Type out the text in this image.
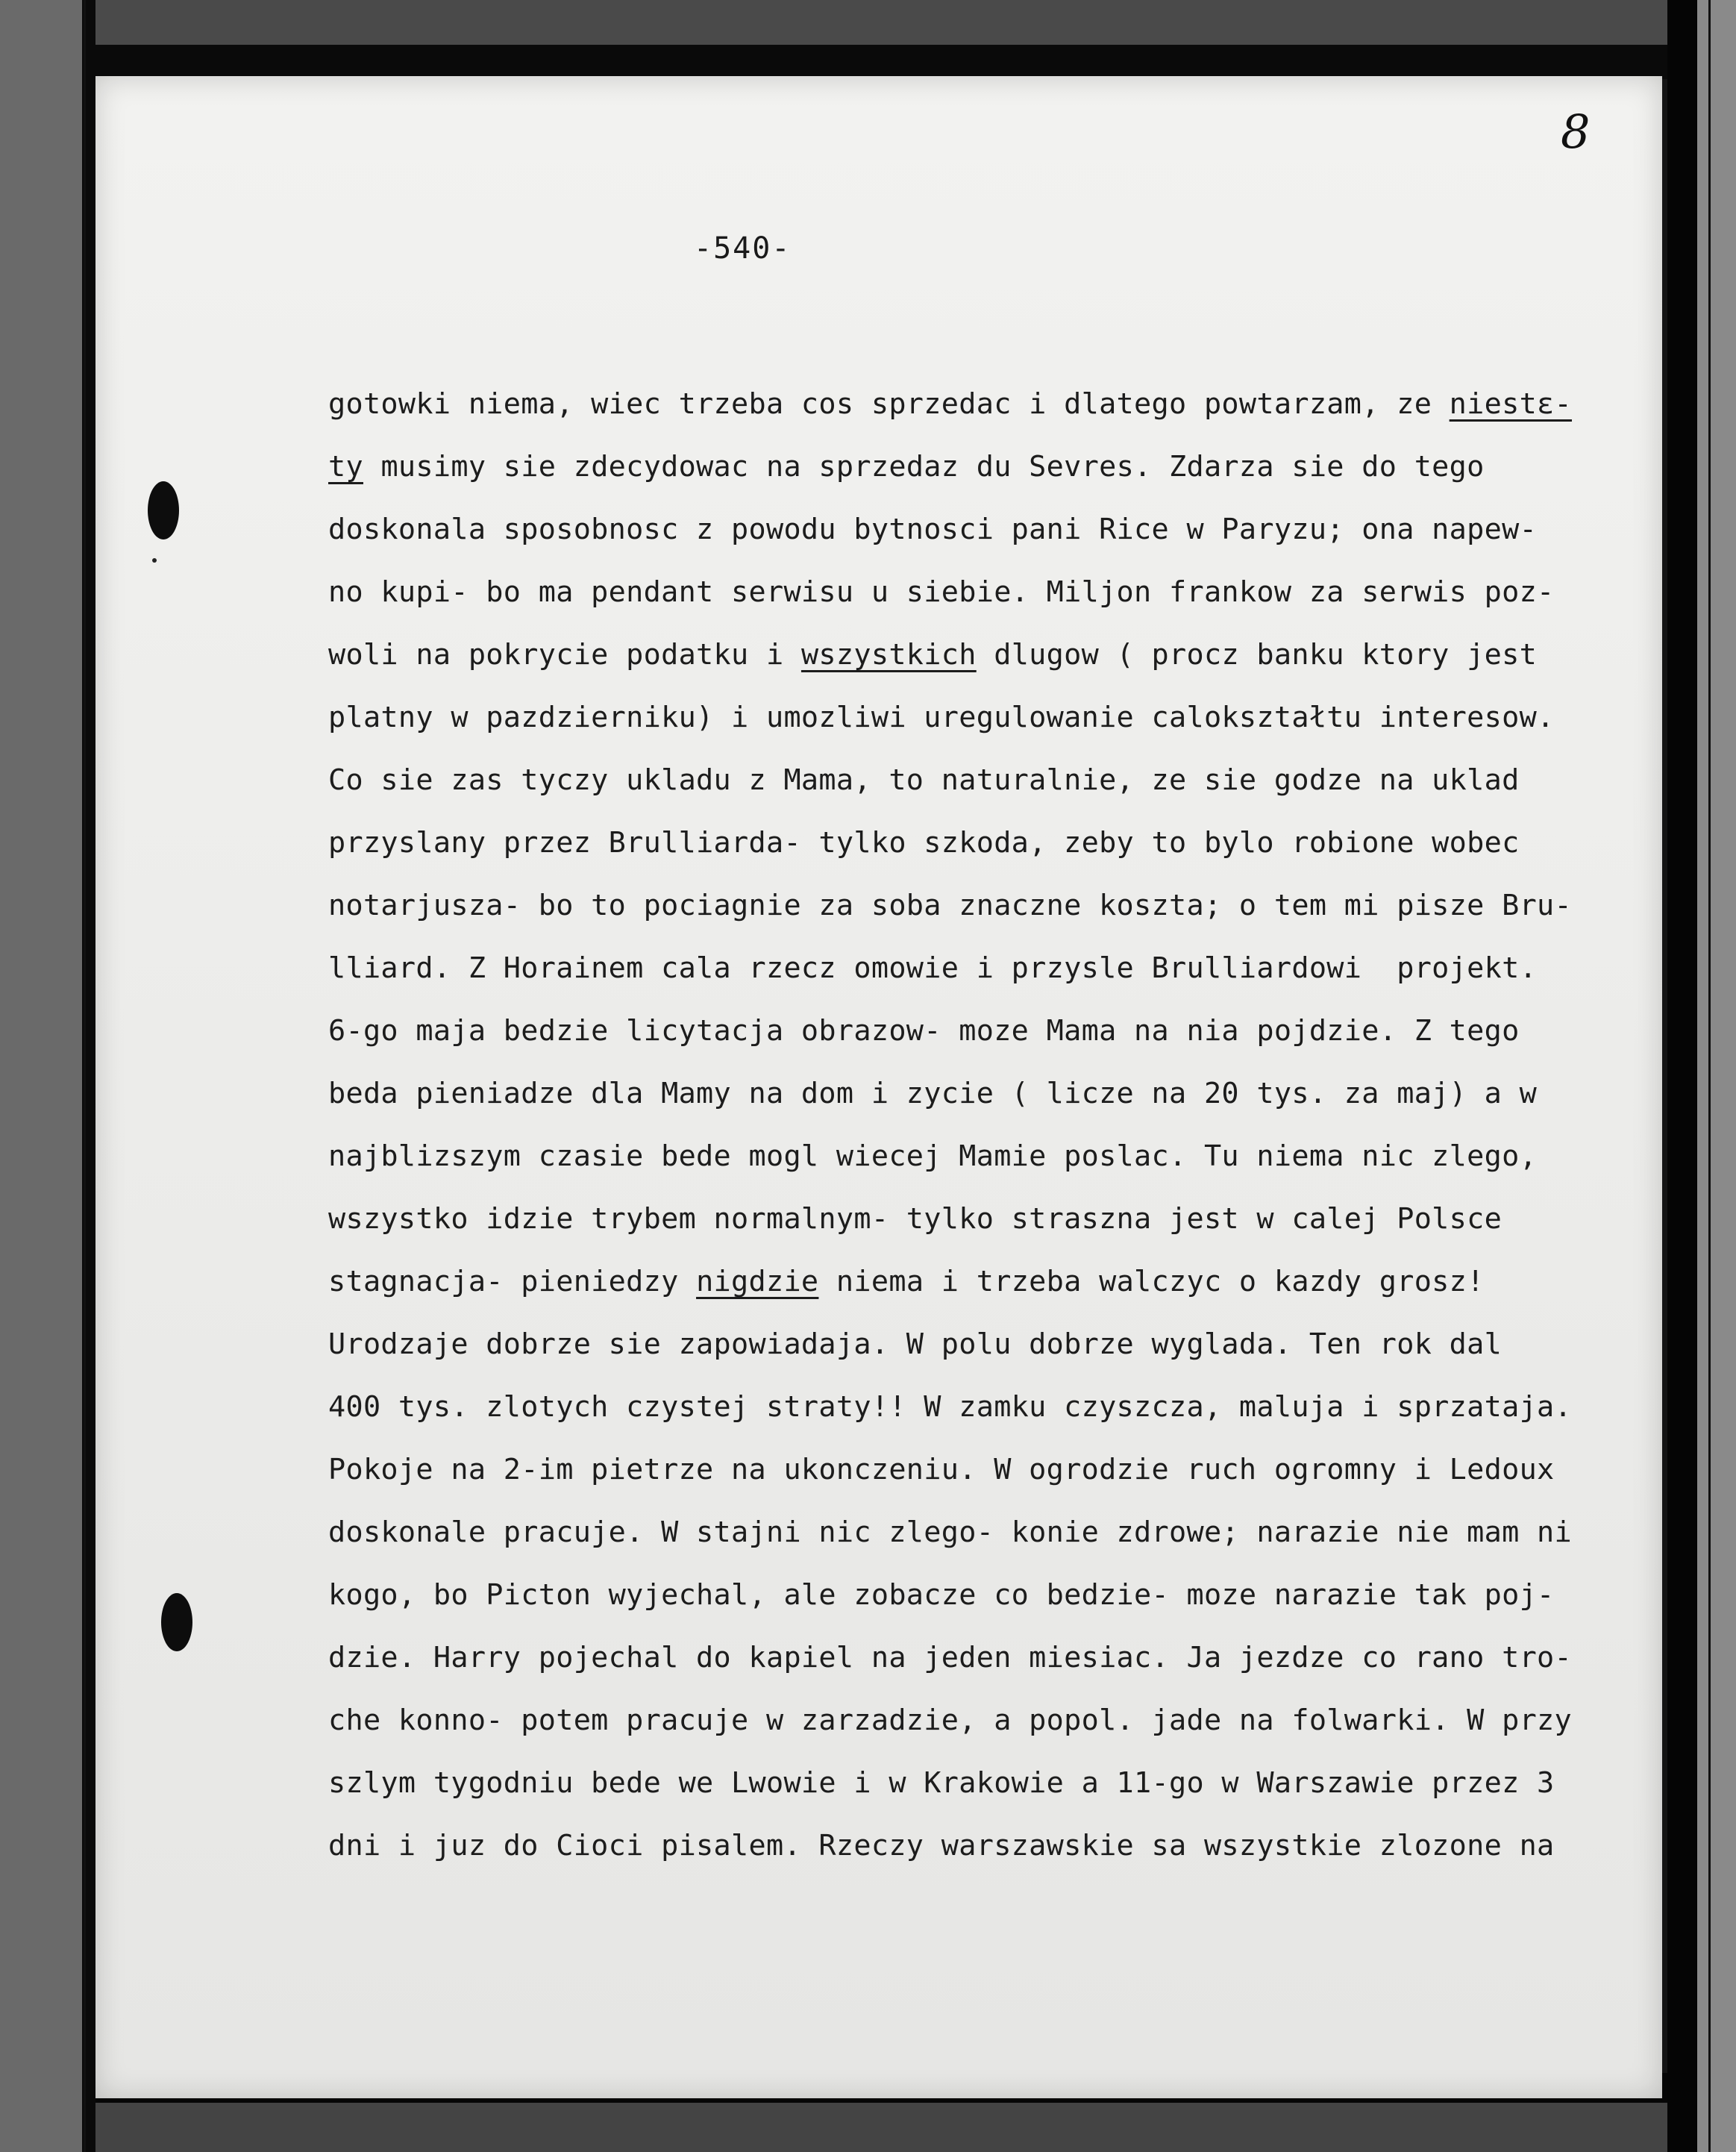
8
-540-
gotowki niema, wiec trzeba cos sprzedac i dlatego powtarzam, ze niestε-
ty musimy sie zdecydowac na sprzedaz du Sevres. Zdarza sie do tego
doskonala sposobnosc z powodu bytnosci pani Rice w Paryzu; ona napew-
no kupi- bo ma pendant serwisu u siebie. Miljon frankow za serwis poz-
woli na pokrycie podatku i wszystkich dlugow ( procz banku ktory jest
platny w pazdzierniku) i umozliwi uregulowanie calokształtu interesow.
Co sie zas tyczy ukladu z Mama, to naturalnie, ze sie godze na uklad
przyslany przez Brulliarda- tylko szkoda, zeby to bylo robione wobec
notarjusza- bo to pociagnie za soba znaczne koszta; o tem mi pisze Bru-
lliard. Z Horainem cala rzecz omowie i przysle Brulliardowi  projekt.
6-go maja bedzie licytacja obrazow- moze Mama na nia pojdzie. Z tego
beda pieniadze dla Mamy na dom i zycie ( licze na 20 tys. za maj) a w
najblizszym czasie bede mogl wiecej Mamie poslac. Tu niema nic zlego,
wszystko idzie trybem normalnym- tylko straszna jest w calej Polsce
stagnacja- pieniedzy nigdzie niema i trzeba walczyc o kazdy grosz!
Urodzaje dobrze sie zapowiadaja. W polu dobrze wyglada. Ten rok dal
400 tys. zlotych czystej straty!! W zamku czyszcza, maluja i sprzataja.
Pokoje na 2-im pietrze na ukonczeniu. W ogrodzie ruch ogromny i Ledoux
doskonale pracuje. W stajni nic zlego- konie zdrowe; narazie nie mam ni
kogo, bo Picton wyjechal, ale zobacze co bedzie- moze narazie tak poj-
dzie. Harry pojechal do kapiel na jeden miesiac. Ja jezdze co rano tro-
che konno- potem pracuje w zarzadzie, a popol. jade na folwarki. W przy
szlym tygodniu bede we Lwowie i w Krakowie a 11-go w Warszawie przez 3
dni i juz do Cioci pisalem. Rzeczy warszawskie sa wszystkie zlozone na
